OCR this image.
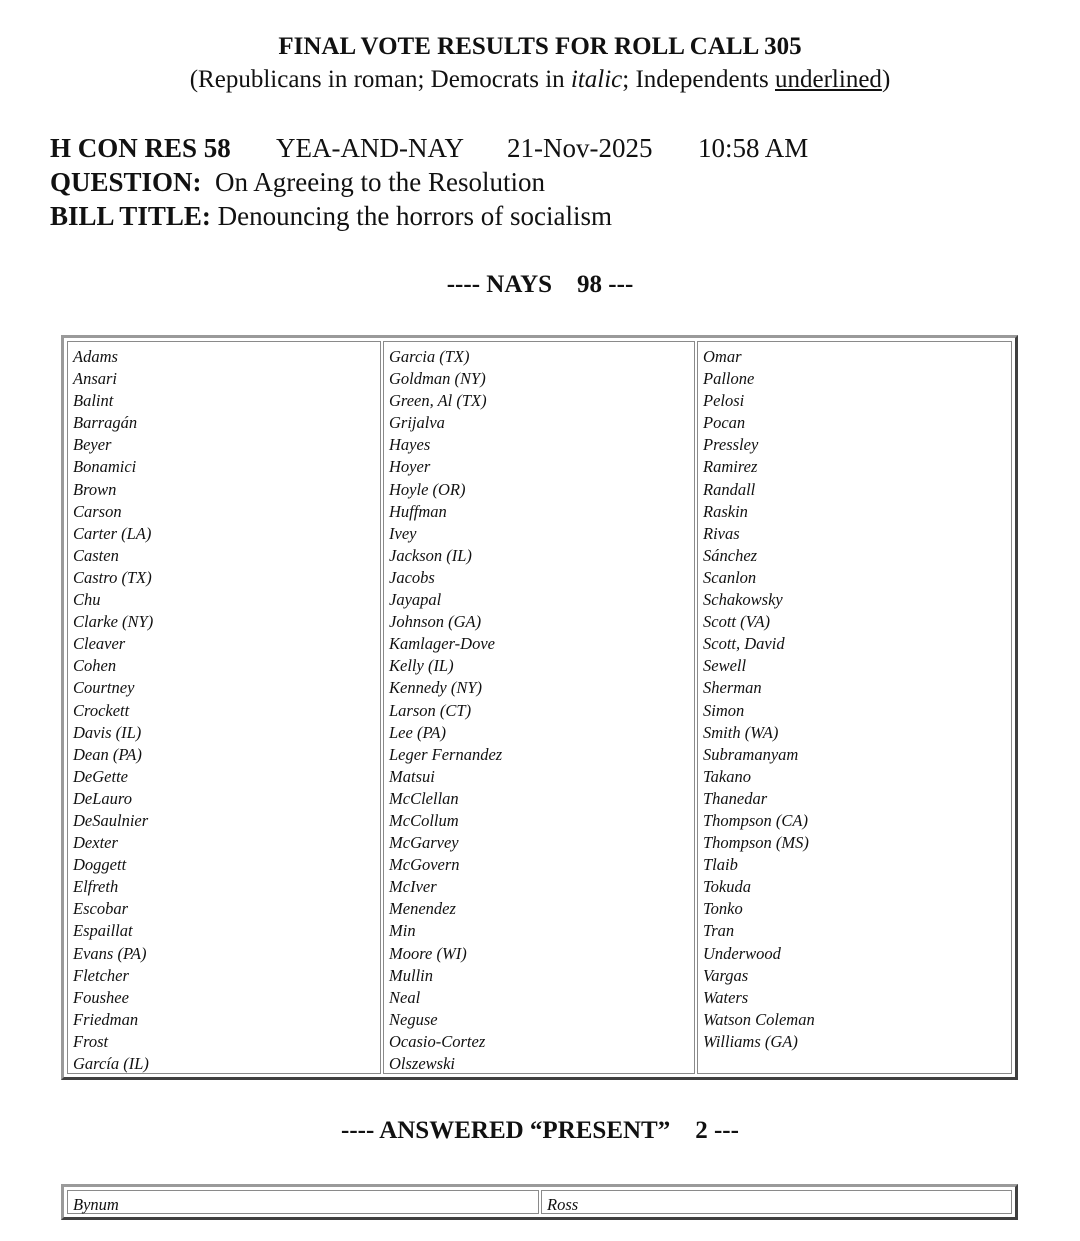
FINAL VOTE RESULTS FOR ROLL CALL 305
(Republicans in roman; Democrats in italic; Independents underlined)
H CON RES 58 YEA-AND-NAY 21-Nov-2025 10:58 AM
QUESTION: On Agreeing to the Resolution
BILL TITLE: Denouncing the horrors of socialism
---- NAYS    98 ---
Adams
Ansari
Balint
Barragán
Beyer
Bonamici
Brown
Carson
Carter (LA)
Casten
Castro (TX)
Chu
Clarke (NY)
Cleaver
Cohen
Courtney
Crockett
Davis (IL)
Dean (PA)
DeGette
DeLauro
DeSaulnier
Dexter
Doggett
Elfreth
Escobar
Espaillat
Evans (PA)
Fletcher
Foushee
Friedman
Frost
García (IL)
Garcia (TX)
Goldman (NY)
Green, Al (TX)
Grijalva
Hayes
Hoyer
Hoyle (OR)
Huffman
Ivey
Jackson (IL)
Jacobs
Jayapal
Johnson (GA)
Kamlager-Dove
Kelly (IL)
Kennedy (NY)
Larson (CT)
Lee (PA)
Leger Fernandez
Matsui
McClellan
McCollum
McGarvey
McGovern
McIver
Menendez
Min
Moore (WI)
Mullin
Neal
Neguse
Ocasio-Cortez
Olszewski
Omar
Pallone
Pelosi
Pocan
Pressley
Ramirez
Randall
Raskin
Rivas
Sánchez
Scanlon
Schakowsky
Scott (VA)
Scott, David
Sewell
Sherman
Simon
Smith (WA)
Subramanyam
Takano
Thanedar
Thompson (CA)
Thompson (MS)
Tlaib
Tokuda
Tonko
Tran
Underwood
Vargas
Waters
Watson Coleman
Williams (GA)
---- ANSWERED “PRESENT”    2 ---
Bynum	Ross
